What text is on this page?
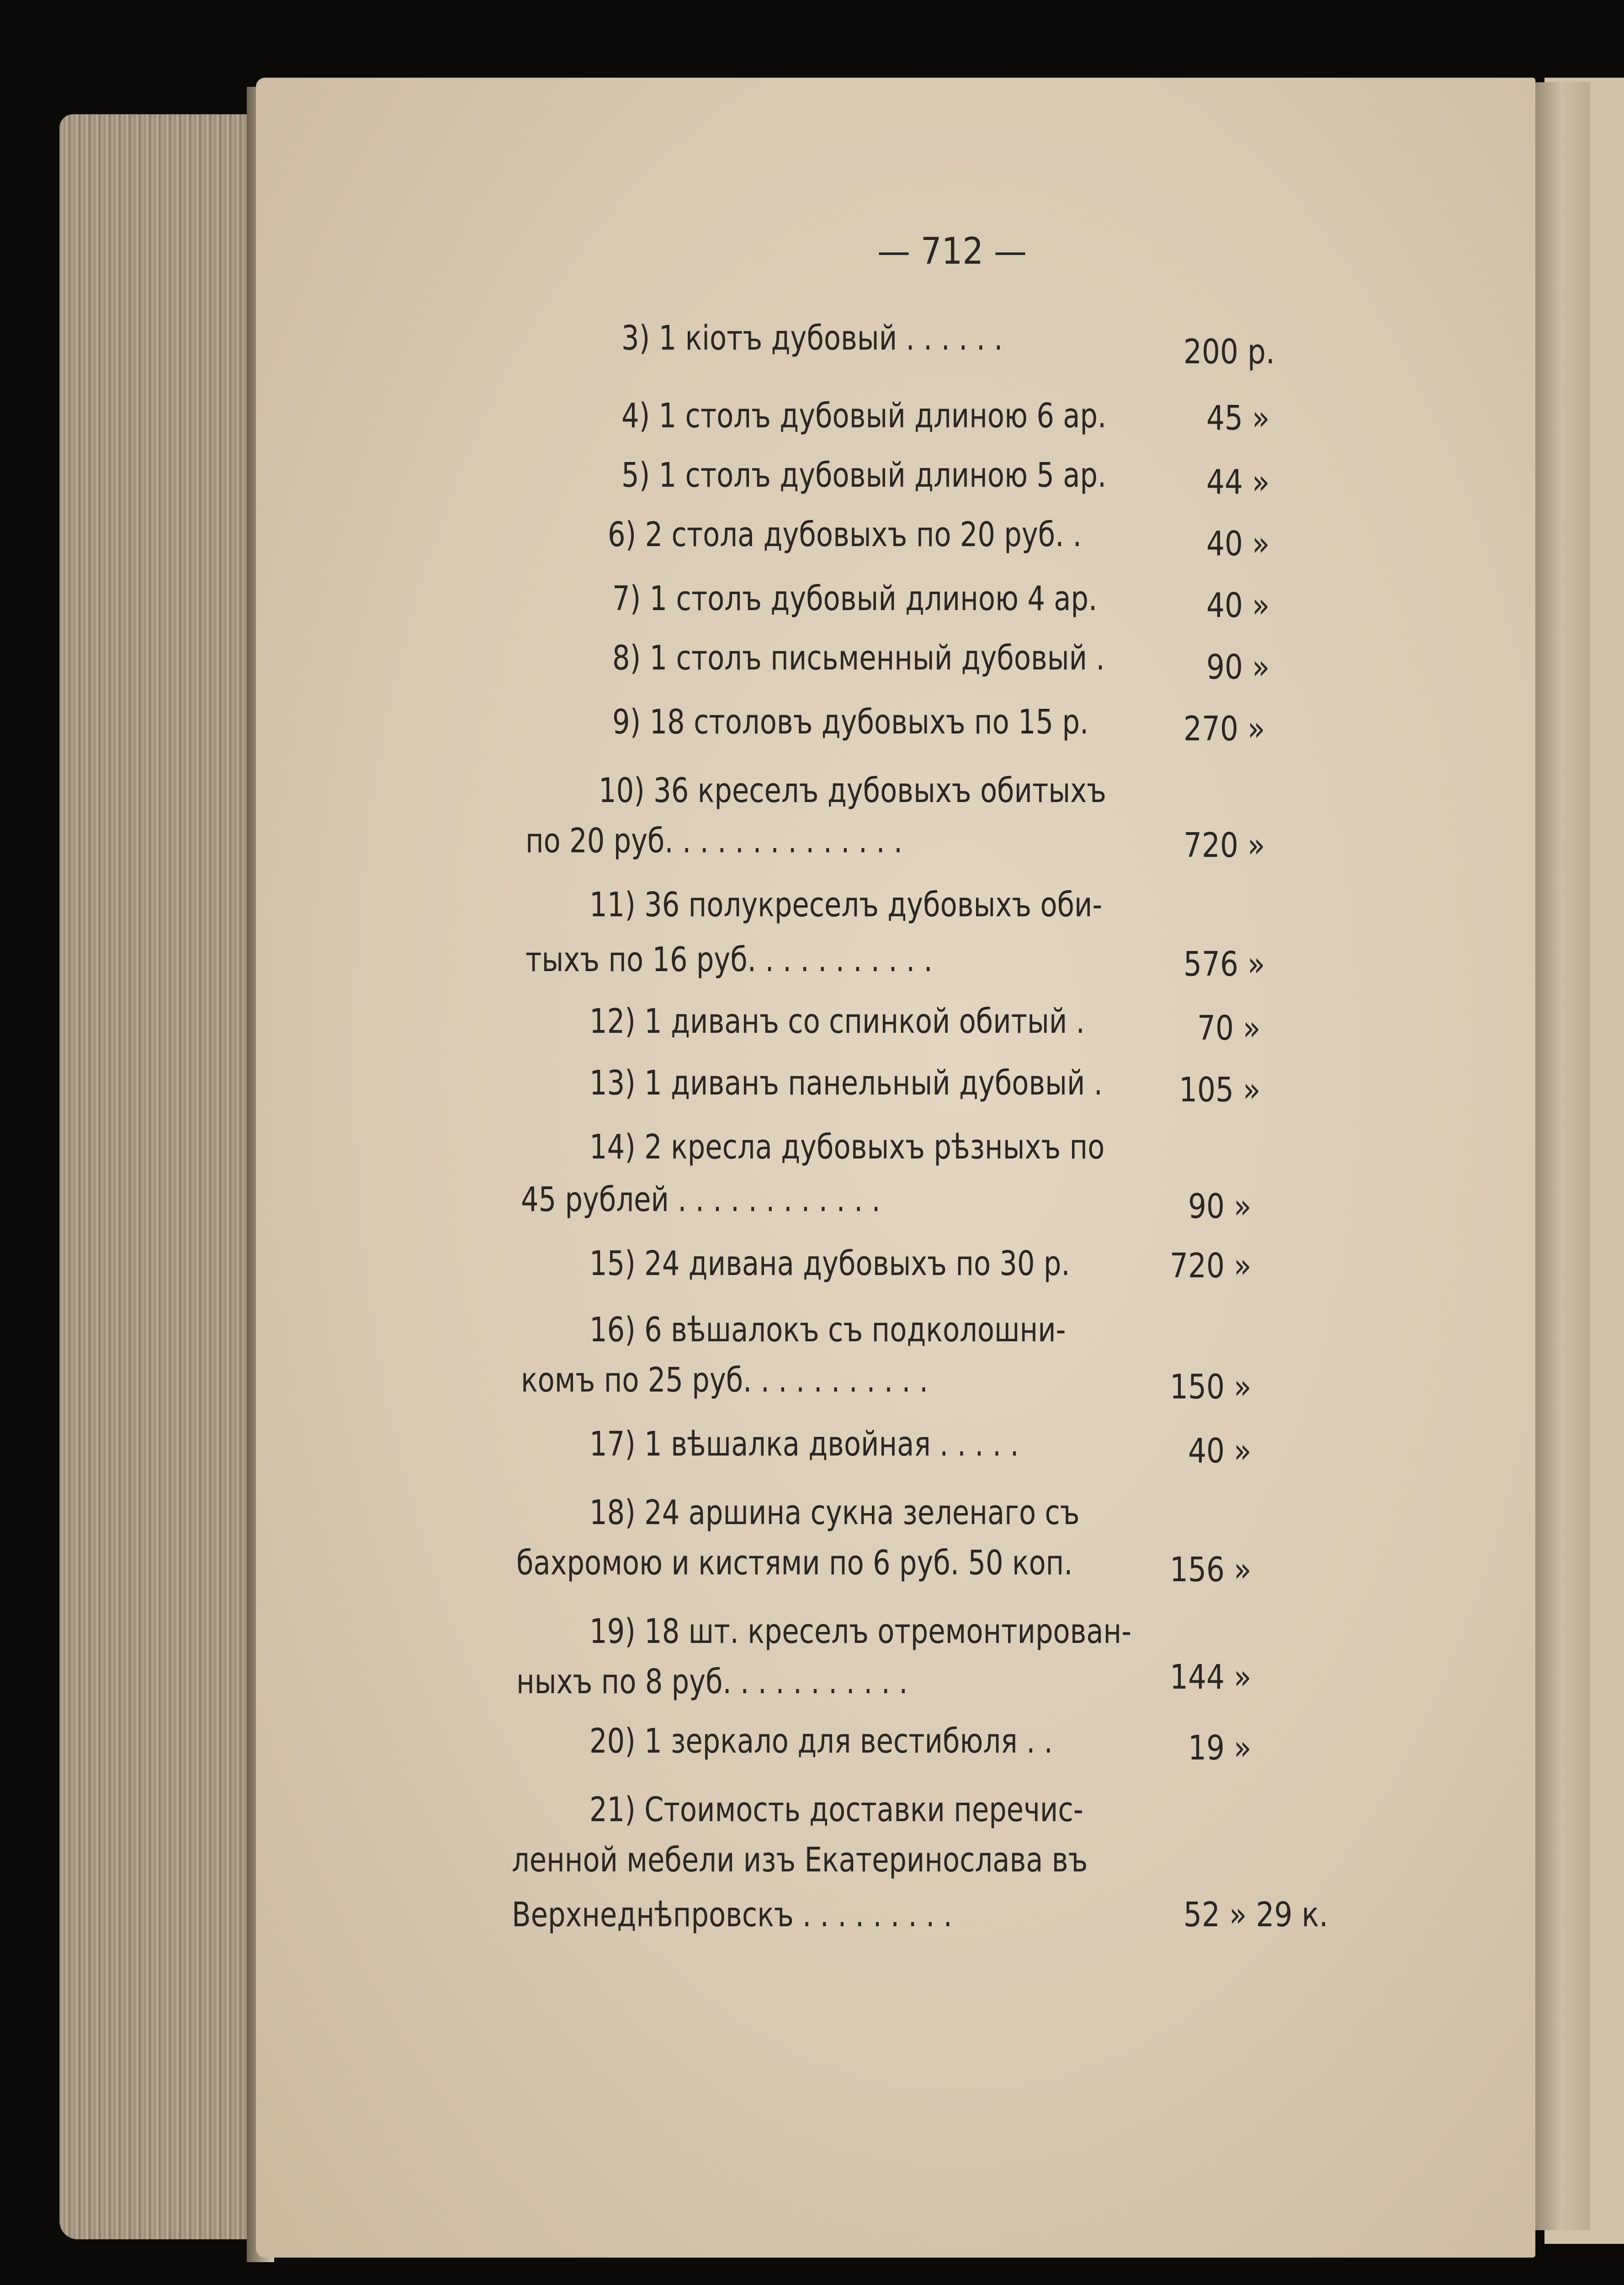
— 712 —
3) 1 кіотъ дубовый . . . . . .	200 р.
4) 1 столъ дубовый длиною 6 ар.	45 »
5) 1 столъ дубовый длиною 5 ар.	44 »
6) 2 стола дубовыхъ по 20 руб. .	40 »
7) 1 столъ дубовый длиною 4 ар.	40 »
8) 1 столъ письменный дубовый .	90 »
9) 18 столовъ дубовыхъ по 15 р.	270 »
10) 36 креселъ дубовыхъ обитыхъ
по 20 руб. . . . . . . . . . . . . .	720 »
11) 36 полукреселъ дубовыхъ оби-
тыхъ по 16 руб. . . . . . . . . . .	576 »
12) 1 диванъ со спинкой обитый .	70 »
13) 1 диванъ панельный дубовый . 105 »
14) 2 кресла дубовыхъ рѣзныхъ по
45 рублей . . . . . . . . . . . .	90 »
15) 24 дивана дубовыхъ по 30 р.	720 »
16) 6 вѣшалокъ съ подколошни-
комъ по 25 руб. . . . . . . . . . .	150 »
17) 1 вѣшалка двойная . . . . .	40 »
18) 24 аршина сукна зеленаго съ
бахромою и кистями по 6 руб. 50 коп.	156 »
19) 18 шт. креселъ отремонтирован-
ныхъ по 8 руб. . . . . . . . . . .	144 »
20) 1 зеркало для вестибюля . .	19 »
21) Стоимость доставки перечис-
ленной мебели изъ Екатеринослава въ
Верхнеднѣпровскъ . . . . . . . . .	52 » 29 к.
